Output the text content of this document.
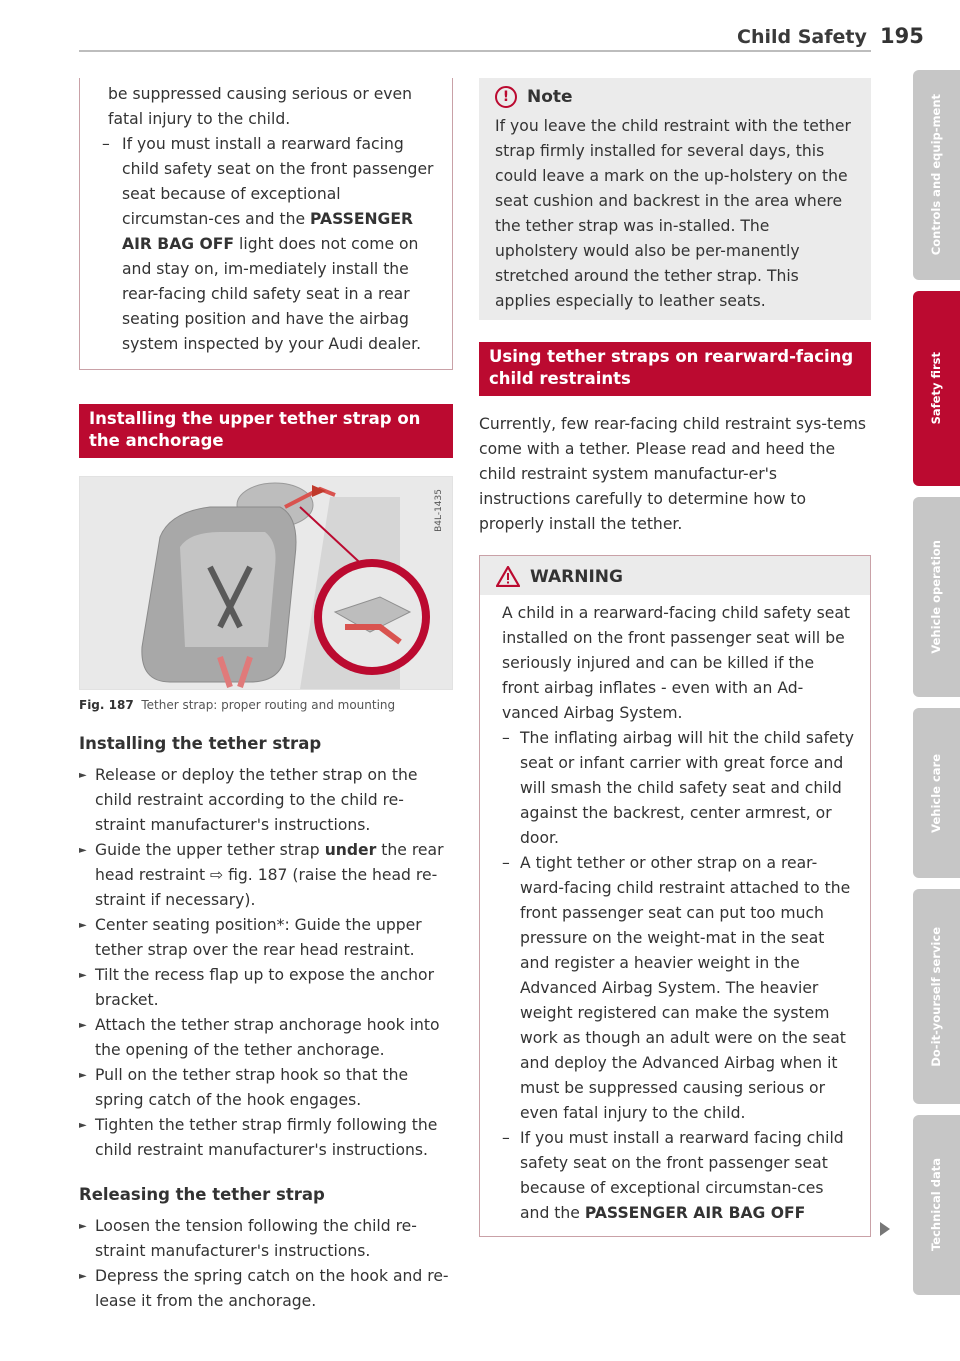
Child Safety 195

be suppressed causing serious or even fatal injury to the child.

– If you must install a rearward facing child safety seat on the front passenger seat because of exceptional circumstan-ces and the PASSENGER AIR BAG OFF light does not come on and stay on, im-mediately install the rear-facing child safety seat in a rear seating position and have the airbag system inspected by your Audi dealer.
Installing the upper tether strap on the anchorage
B4L-1435
Fig. 187 Tether strap: proper routing and mounting
Installing the tether strap
► Release or deploy the tether strap on the child restraint according to the child re-straint manufacturer's instructions.
► Guide the upper tether strap under the rear head restraint ⇨ fig. 187 (raise the head re-straint if necessary).
► Center seating position*: Guide the upper tether strap over the rear head restraint.
► Tilt the recess flap up to expose the anchor bracket.
► Attach the tether strap anchorage hook into the opening of the tether anchorage.
► Pull on the tether strap hook so that the spring catch of the hook engages.
► Tighten the tether strap firmly following the child restraint manufacturer's instructions.
Releasing the tether strap
► Loosen the tension following the child re-straint manufacturer's instructions.
► Depress the spring catch on the hook and re-lease it from the anchorage.
!	Note

If you leave the child restraint with the tether strap firmly installed for several days, this could leave a mark on the up-holstery on the seat cushion and backrest in the area where the tether strap was in-stalled. The upholstery would also be per-manently stretched around the tether strap. This applies especially to leather seats.

Using tether straps on rearward-facing child restraints

Currently, few rear-facing child restraint sys-tems come with a tether. Please read and heed the child restraint system manufactur-er's instructions carefully to determine how to properly install the tether.

WARNING

A child in a rearward-facing child safety seat installed on the front passenger seat will be seriously injured and can be killed if the front airbag inflates - even with an Ad-vanced Airbag System.

– The inflating airbag will hit the child safety seat or infant carrier with great force and will smash the child safety seat and child against the backrest, center armrest, or door.
– A tight tether or other strap on a rear-ward-facing child restraint attached to the front passenger seat can put too much pressure on the weight-mat in the seat and register a heavier weight in the Advanced Airbag System. The heavier weight registered can make the system work as though an adult were on the seat and deploy the Advanced Airbag when it must be suppressed causing serious or even fatal injury to the child.
– If you must install a rearward facing child safety seat on the front passenger seat because of exceptional circumstan-ces and the PASSENGER AIR BAG OFF
Controls and equip-ment
Safety first
Vehicle operation
Vehicle care
Do-it-yourself service
Technical data
